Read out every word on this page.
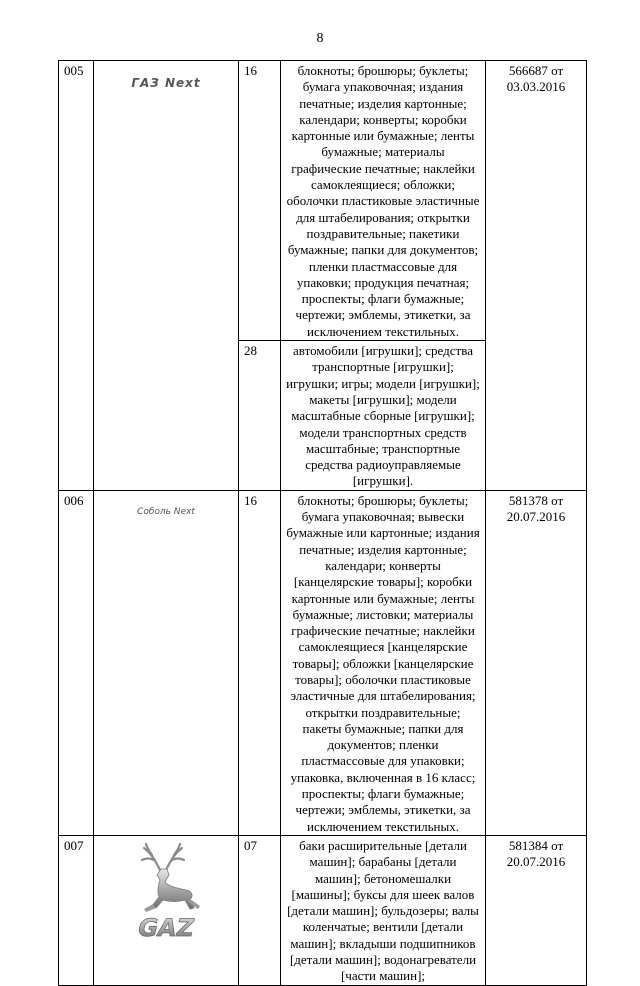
8
005	ГАЗ Next	16	блокноты; брошюры; буклеты; бумага упаковочная; издания печатные; изделия картонные; календари; конверты; коробки картонные или бумажные; ленты бумажные; материалы графические печатные; наклейки самоклеящиеся; обложки; оболочки пластиковые эластичные для штабелирования; открытки поздравительные; пакетики бумажные; папки для документов; пленки пластмассовые для упаковки; продукция печатная; проспекты; флаги бумажные; чертежи; эмблемы, этикетки, за исключением текстильных.	566687 от 03.03.2016
		28	автомобили [игрушки]; средства транспортные [игрушки]; игрушки; игры; модели [игрушки]; макеты [игрушки]; модели масштабные сборные [игрушки]; модели транспортных средств масштабные; транспортные средства радиоуправляемые [игрушки].	
006	Соболь Next	16	блокноты; брошюры; буклеты; бумага упаковочная; вывески бумажные или картонные; издания печатные; изделия картонные; календари; конверты [канцелярские товары]; коробки картонные или бумажные; ленты бумажные; листовки; материалы графические печатные; наклейки самоклеящиеся [канцелярские товары]; обложки [канцелярские товары]; оболочки пластиковые эластичные для штабелирования; открытки поздравительные; пакеты бумажные; папки для документов; пленки пластмассовые для упаковки; упаковка, включенная в 16 класс; проспекты; флаги бумажные; чертежи; эмблемы, этикетки, за исключением текстильных.	581378 от 20.07.2016
007	GAZ	07	баки расширительные [детали машин]; барабаны [детали машин]; бетономешалки [машины]; буксы для шеек валов [детали машин]; бульдозеры; валы коленчатые; вентили [детали машин]; вкладыши подшипников [детали машин]; водонагреватели [части машин];	581384 от 20.07.2016
